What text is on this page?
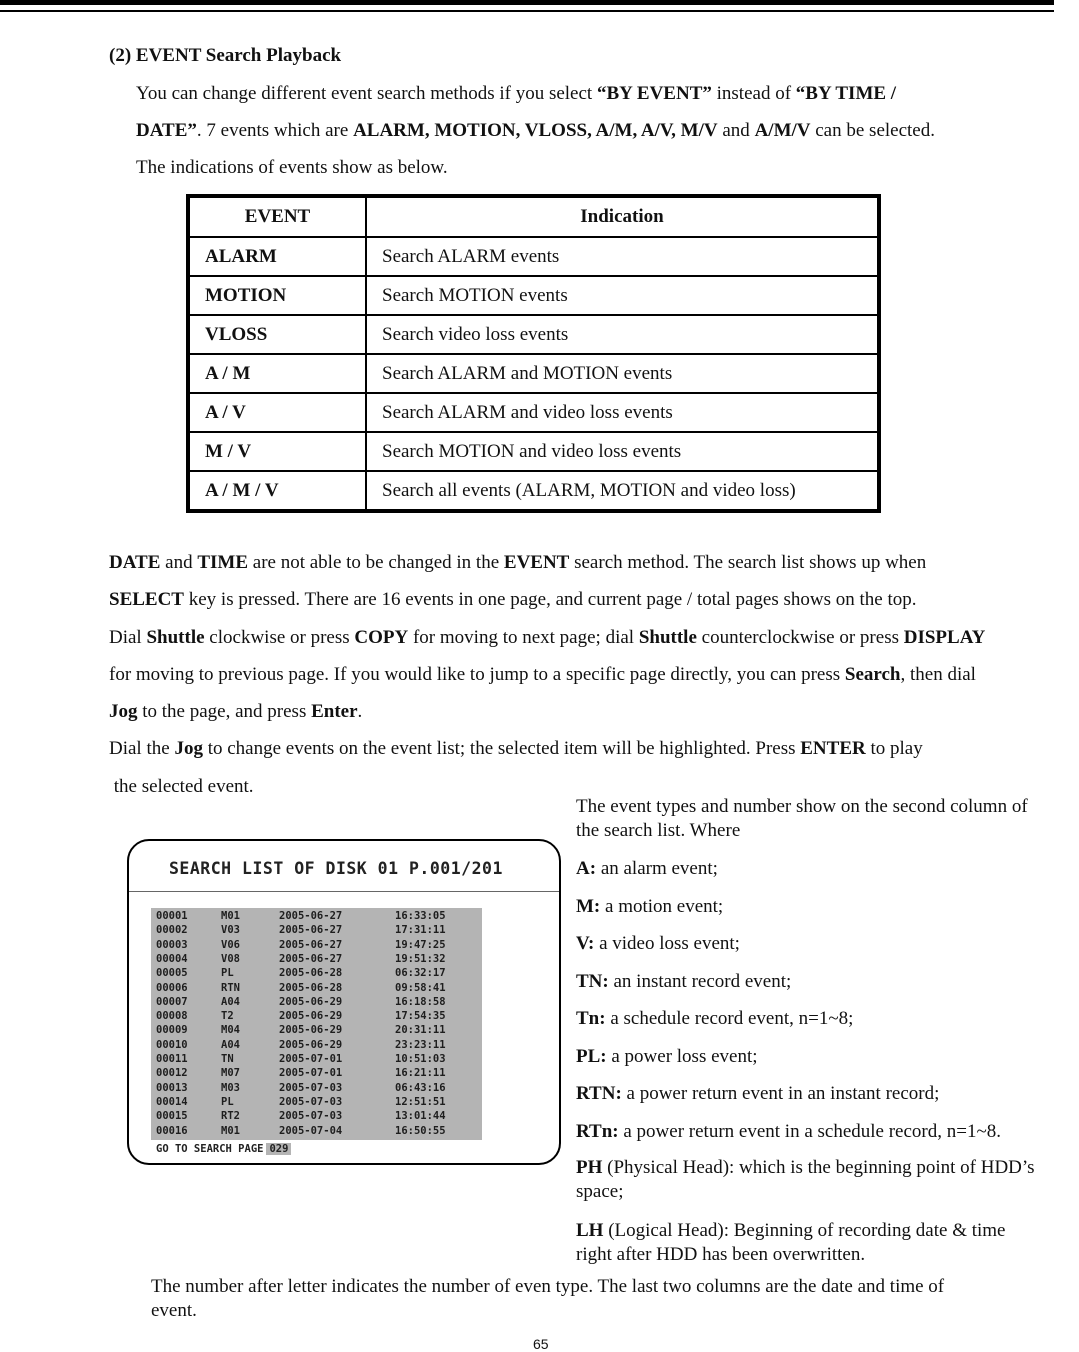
(2) EVENT Search Playback
You can change different event search methods if you select “BY EVENT” instead of “BY TIME /
DATE”. 7 events which are ALARM, MOTION, VLOSS, A/M, A/V, M/V and A/M/V can be selected.
The indications of events show as below.
EVENT	Indication
ALARM	Search ALARM events
MOTION	Search MOTION events
VLOSS	Search video loss events
A / M	Search ALARM and MOTION events
A / V	Search ALARM and video loss events
M / V	Search MOTION and video loss events
A / M / V	Search all events (ALARM, MOTION and video loss)
DATE and TIME are not able to be changed in the EVENT search method. The search list shows up when
SELECT key is pressed. There are 16 events in one page, and current page / total pages shows on the top.
Dial Shuttle clockwise or press COPY for moving to next page; dial Shuttle counterclockwise or press DISPLAY
for moving to previous page. If you would like to jump to a specific page directly, you can press Search, then dial
Jog to the page, and press Enter.
Dial the Jog to change events on the event list; the selected item will be highlighted. Press ENTER to play
the selected event.
SEARCH LIST OF DISK 01 P.001/201
00001	M01	2005-06-27	16:33:05
00002	V03	2005-06-27	17:31:11
00003	V06	2005-06-27	19:47:25
00004	V08	2005-06-27	19:51:32
00005	PL	2005-06-28	06:32:17
00006	RTN	2005-06-28	09:58:41
00007	A04	2005-06-29	16:18:58
00008	T2	2005-06-29	17:54:35
00009	M04	2005-06-29	20:31:11
00010	A04	2005-06-29	23:23:11
00011	TN	2005-07-01	10:51:03
00012	M07	2005-07-01	16:21:11
00013	M03	2005-07-03	06:43:16
00014	PL	2005-07-03	12:51:51
00015	RT2	2005-07-03	13:01:44
00016	M01	2005-07-04	16:50:55
GO TO SEARCH PAGE 029
The event types and number show on the second column of
the search list. Where
A: an alarm event;
M: a motion event;
V: a video loss event;
TN: an instant record event;
Tn: a schedule record event, n=1~8;
PL: a power loss event;
RTN: a power return event in an instant record;
RTn: a power return event in a schedule record, n=1~8.
PH (Physical Head): which is the beginning point of HDD’s
space;
LH (Logical Head): Beginning of recording date & time
right after HDD has been overwritten.
The number after letter indicates the number of even type. The last two columns are the date and time of
event.
65
